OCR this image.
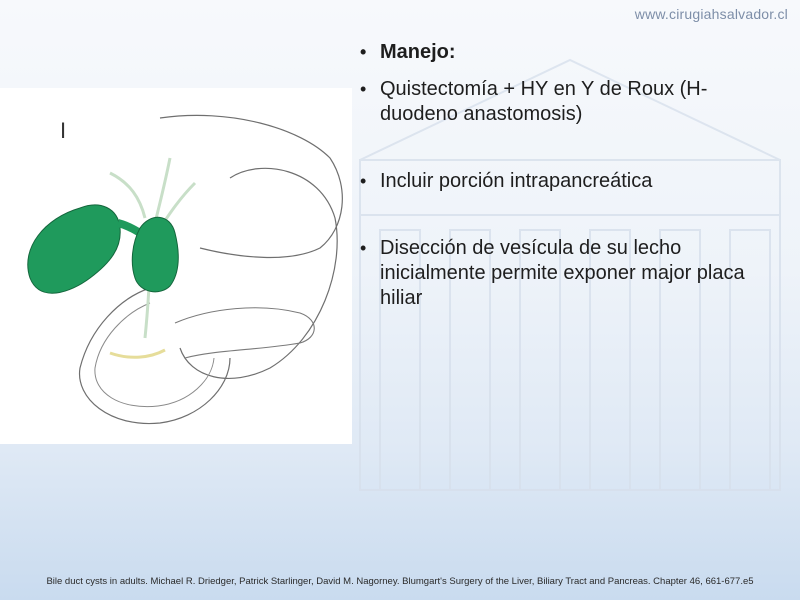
www.cirugiahsalvador.cl
I
• Manejo:
• Quistectomía + HY en Y de Roux (H-duodeno anastomosis)
• Incluir porción intrapancreática
• Disección de vesícula de su lecho inicialmente permite exponer major placa hiliar
Bile duct cysts in adults. Michael R. Driedger, Patrick Starlinger, David M. Nagorney. Blumgart's Surgery of the Liver, Biliary Tract and Pancreas. Chapter 46, 661-677.e5
